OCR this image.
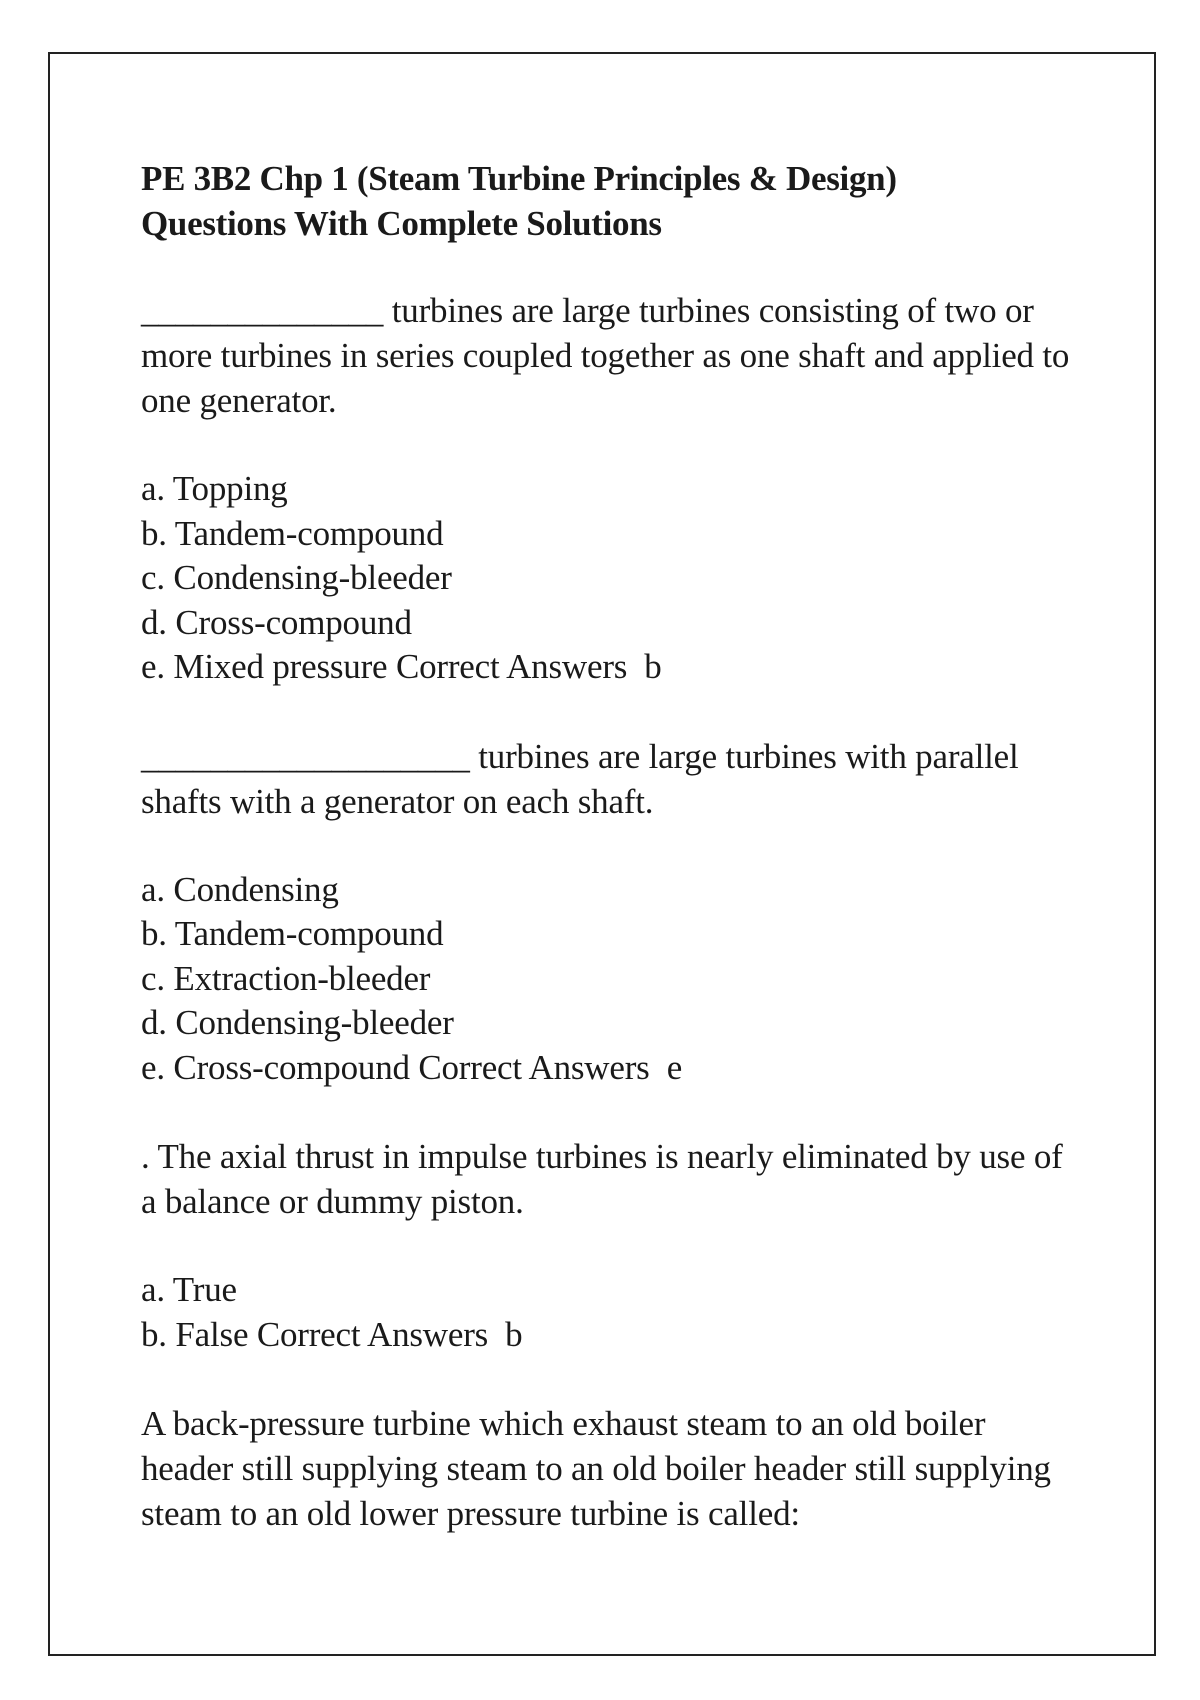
PE 3B2 Chp 1 (Steam Turbine Principles & Design)
Questions With Complete Solutions

______________ turbines are large turbines consisting of two or more turbines in series coupled together as one shaft and applied to one generator.

a. Topping
b. Tandem-compound
c. Condensing-bleeder
d. Cross-compound
e. Mixed pressure Correct Answers  b

___________________ turbines are large turbines with parallel shafts with a generator on each shaft.

a. Condensing
b. Tandem-compound
c. Extraction-bleeder
d. Condensing-bleeder
e. Cross-compound Correct Answers  e

. The axial thrust in impulse turbines is nearly eliminated by use of a balance or dummy piston.

a. True
b. False Correct Answers  b

A back-pressure turbine which exhaust steam to an old boiler header still supplying steam to an old boiler header still supplying steam to an old lower pressure turbine is called:
